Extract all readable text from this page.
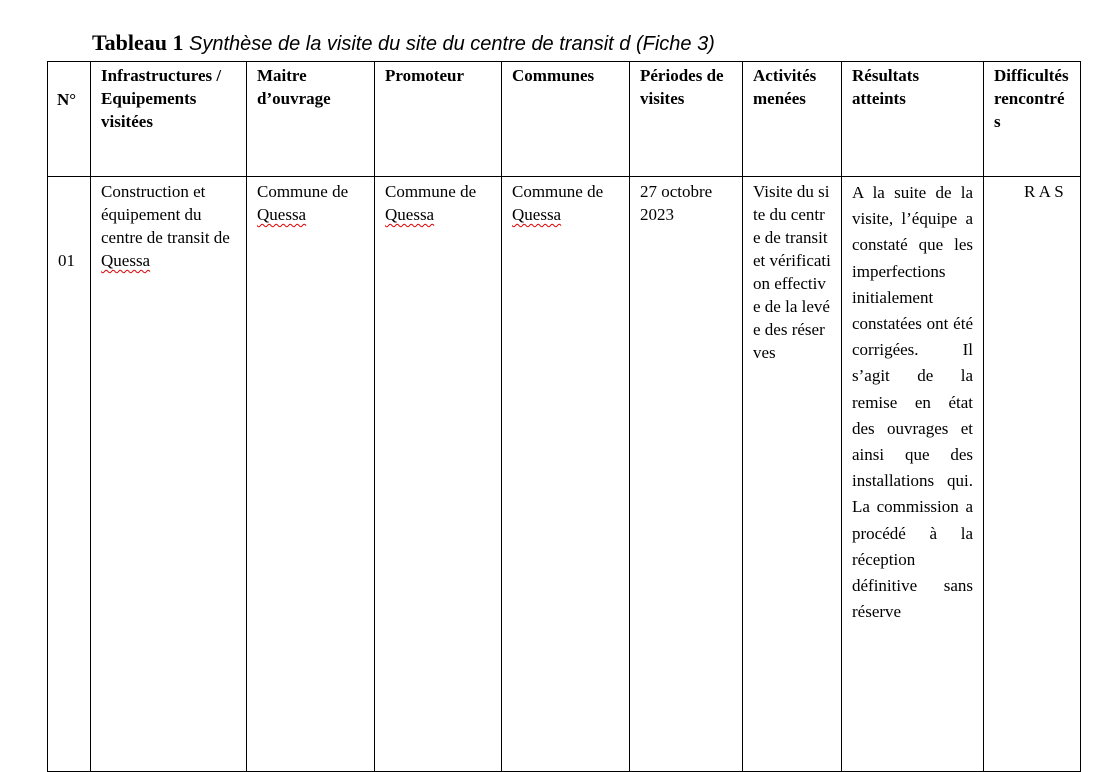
Tableau 1 Synthèse de la visite du site du centre de transit d (Fiche 3)
N°	Infrastructures / Equipements visitées	Maitre d’ouvrage	Promoteur	Communes	Périodes de visites	Activités menées	Résultats atteints	Difficultés rencontrés
01	Construction et équipement du centre de transit de Quessa	Commune de Quessa	Commune de Quessa	Commune de Quessa	27 octobre 2023	Visite du site du centre de transit et vérification effective de la levée des réserves	A la suite de la visite, l’équipe a constaté que les imperfections initialement constatées ont été corrigées. Il s’agit de la remise en état des ouvrages et ainsi que des installations qui. La commission a procédé à la réception définitive sans réserve	R A S
